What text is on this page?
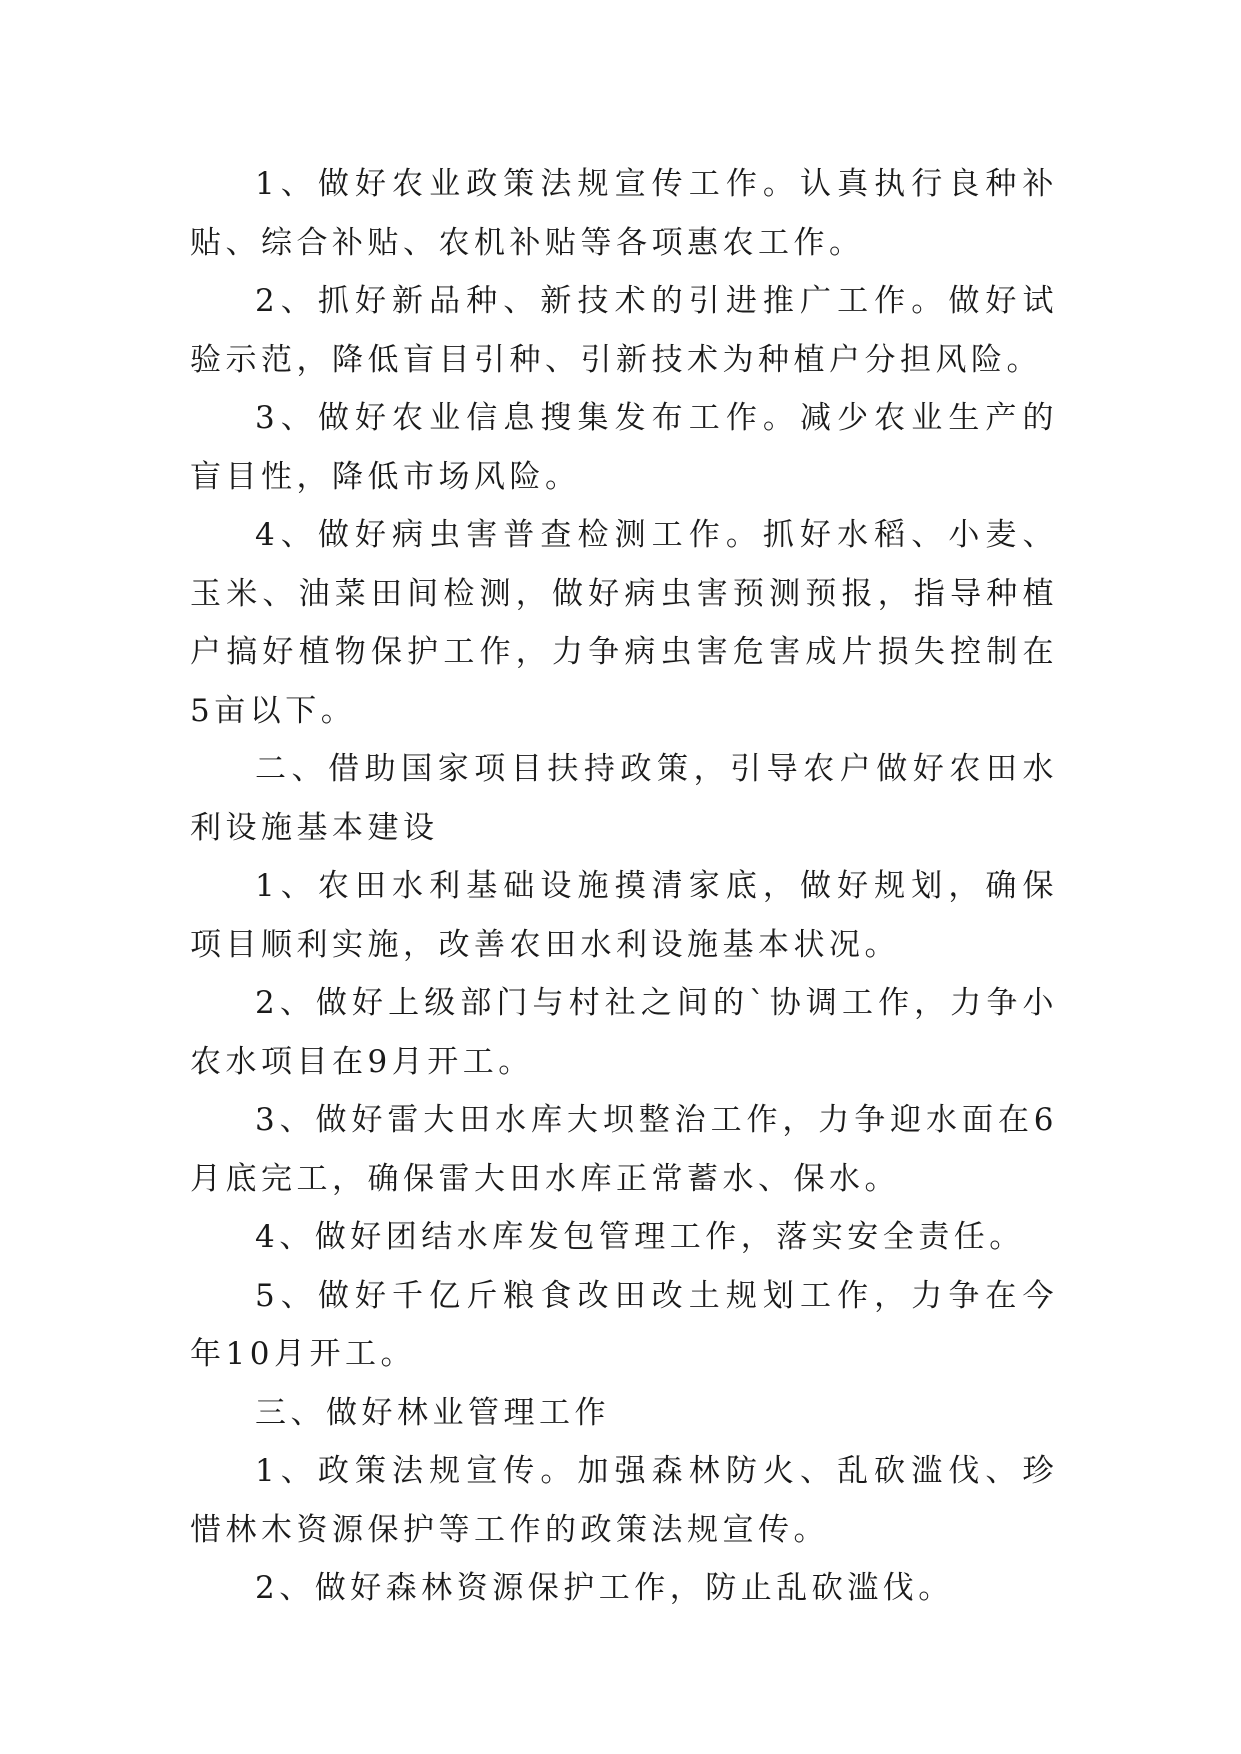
1、做好农业政策法规宣传工作。认真执行良种补贴、综合补贴、农机补贴等各项惠农工作。

2、抓好新品种、新技术的引进推广工作。做好试验示范，降低盲目引种、引新技术为种植户分担风险。

3、做好农业信息搜集发布工作。减少农业生产的盲目性，降低市场风险。

4、做好病虫害普查检测工作。抓好水稻、小麦、玉米、油菜田间检测，做好病虫害预测预报，指导种植户搞好植物保护工作，力争病虫害危害成片损失控制在5亩以下。

二、借助国家项目扶持政策，引导农户做好农田水利设施基本建设

1、农田水利基础设施摸清家底，做好规划，确保项目顺利实施，改善农田水利设施基本状况。

2、做好上级部门与村社之间的`协调工作，力争小农水项目在9月开工。

3、做好雷大田水库大坝整治工作，力争迎水面在6月底完工，确保雷大田水库正常蓄水、保水。

4、做好团结水库发包管理工作，落实安全责任。

5、做好千亿斤粮食改田改土规划工作，力争在今年10月开工。

三、做好林业管理工作

1、政策法规宣传。加强森林防火、乱砍滥伐、珍惜林木资源保护等工作的政策法规宣传。

2、做好森林资源保护工作，防止乱砍滥伐。
